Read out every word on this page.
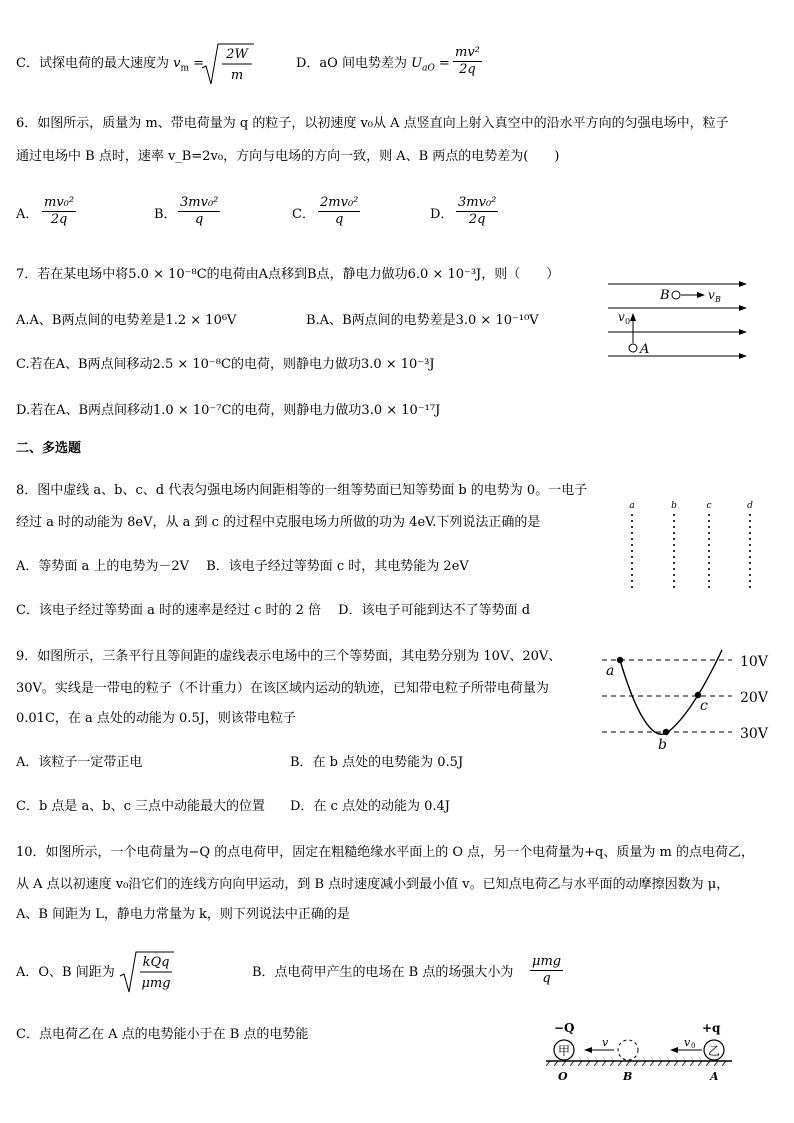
C．试探电荷的最大速度为 $v_m$ =
2W
m
D．aO 间电势差为 $U_{aO} = \frac{\text{mv²}}{2q}$
6．如图所示，质量为 m、带电荷量为 q 的粒子，以初速度 v₀从 A 点竖直向上射入真空中的沿水平方向的匀强电场中，粒子
通过电场中 B 点时，速率 v_B=2v₀，方向与电场的方向一致，则 A、B 两点的电势差为(　　)
A． $\frac{\text{mv₀²}}{2q}$	B． $\frac{\text{3mv₀²}}{q}$	C． $\frac{\text{2mv₀²}}{q}$	D． $\frac{\text{3mv₀²}}{2q}$
B	v B
v 0
A
7．若在某电场中将5.0 × 10⁻⁸C的电荷由A点移到B点，静电力做功6.0 × 10⁻³J，则（　　）
A.A、B两点间的电势差是1.2 × 10⁶V	B.A、B两点间的电势差是3.0 × 10⁻¹⁰V
C.若在A、B两点间移动2.5 × 10⁻⁸C的电荷，则静电力做功3.0 × 10⁻³J
D.若在A、B两点间移动1.0 × 10⁻⁷C的电荷，则静电力做功3.0 × 10⁻¹⁷J
二、多选题
8．图中虚线 a、b、c、d 代表匀强电场内间距相等的一组等势面已知等势面 b 的电势为 0。一电子
经过 a 时的动能为 8eV，从 a 到 c 的过程中克服电场力所做的功为 4eV.下列说法正确的是
A．等势面 a 上的电势为－2V　 B．该电子经过等势面 c 时，其电势能为 2eV
C．该电子经过等势面 a 时的速率是经过 c 时的 2 倍　 D．该电子可能到达不了等势面 d
a	b	c	d
9．如图所示，三条平行且等间距的虚线表示电场中的三个等势面，其电势分别为 10V、20V、
30V。实线是一带电的粒子（不计重力）在该区域内运动的轨迹，已知带电粒子所带电荷量为
0.01C，在 a 点处的动能为 0.5J，则该带电粒子
A．该粒子一定带正电	B．在 b 点处的电势能为 0.5J
C．b 点是 a、b、c 三点中动能最大的位置 D．在 c 点处的动能为 0.4J
10V
20V
30V
a
c
b
10．如图所示，一个电荷量为−Q 的点电荷甲，固定在粗糙绝缘水平面上的 O 点，另一个电荷量为+q、质量为 m 的点电荷乙，
从 A 点以初速度 v₀沿它们的连线方向向甲运动，到 B 点时速度减小到最小值 v。已知点电荷乙与水平面的动摩擦因数为 μ，
A、B 间距为 L，静电力常量为 k，则下列说法中正确的是
A．O、B 间距为
kQq
μmg
B．点电荷甲产生的电场在 B 点的场强大小为 $\frac{\text{μmg}}{q}$
C．点电荷乙在 A 点的电势能小于在 B 点的电势能	−Q	+q
甲	乙
v	v 0
O	B	A
